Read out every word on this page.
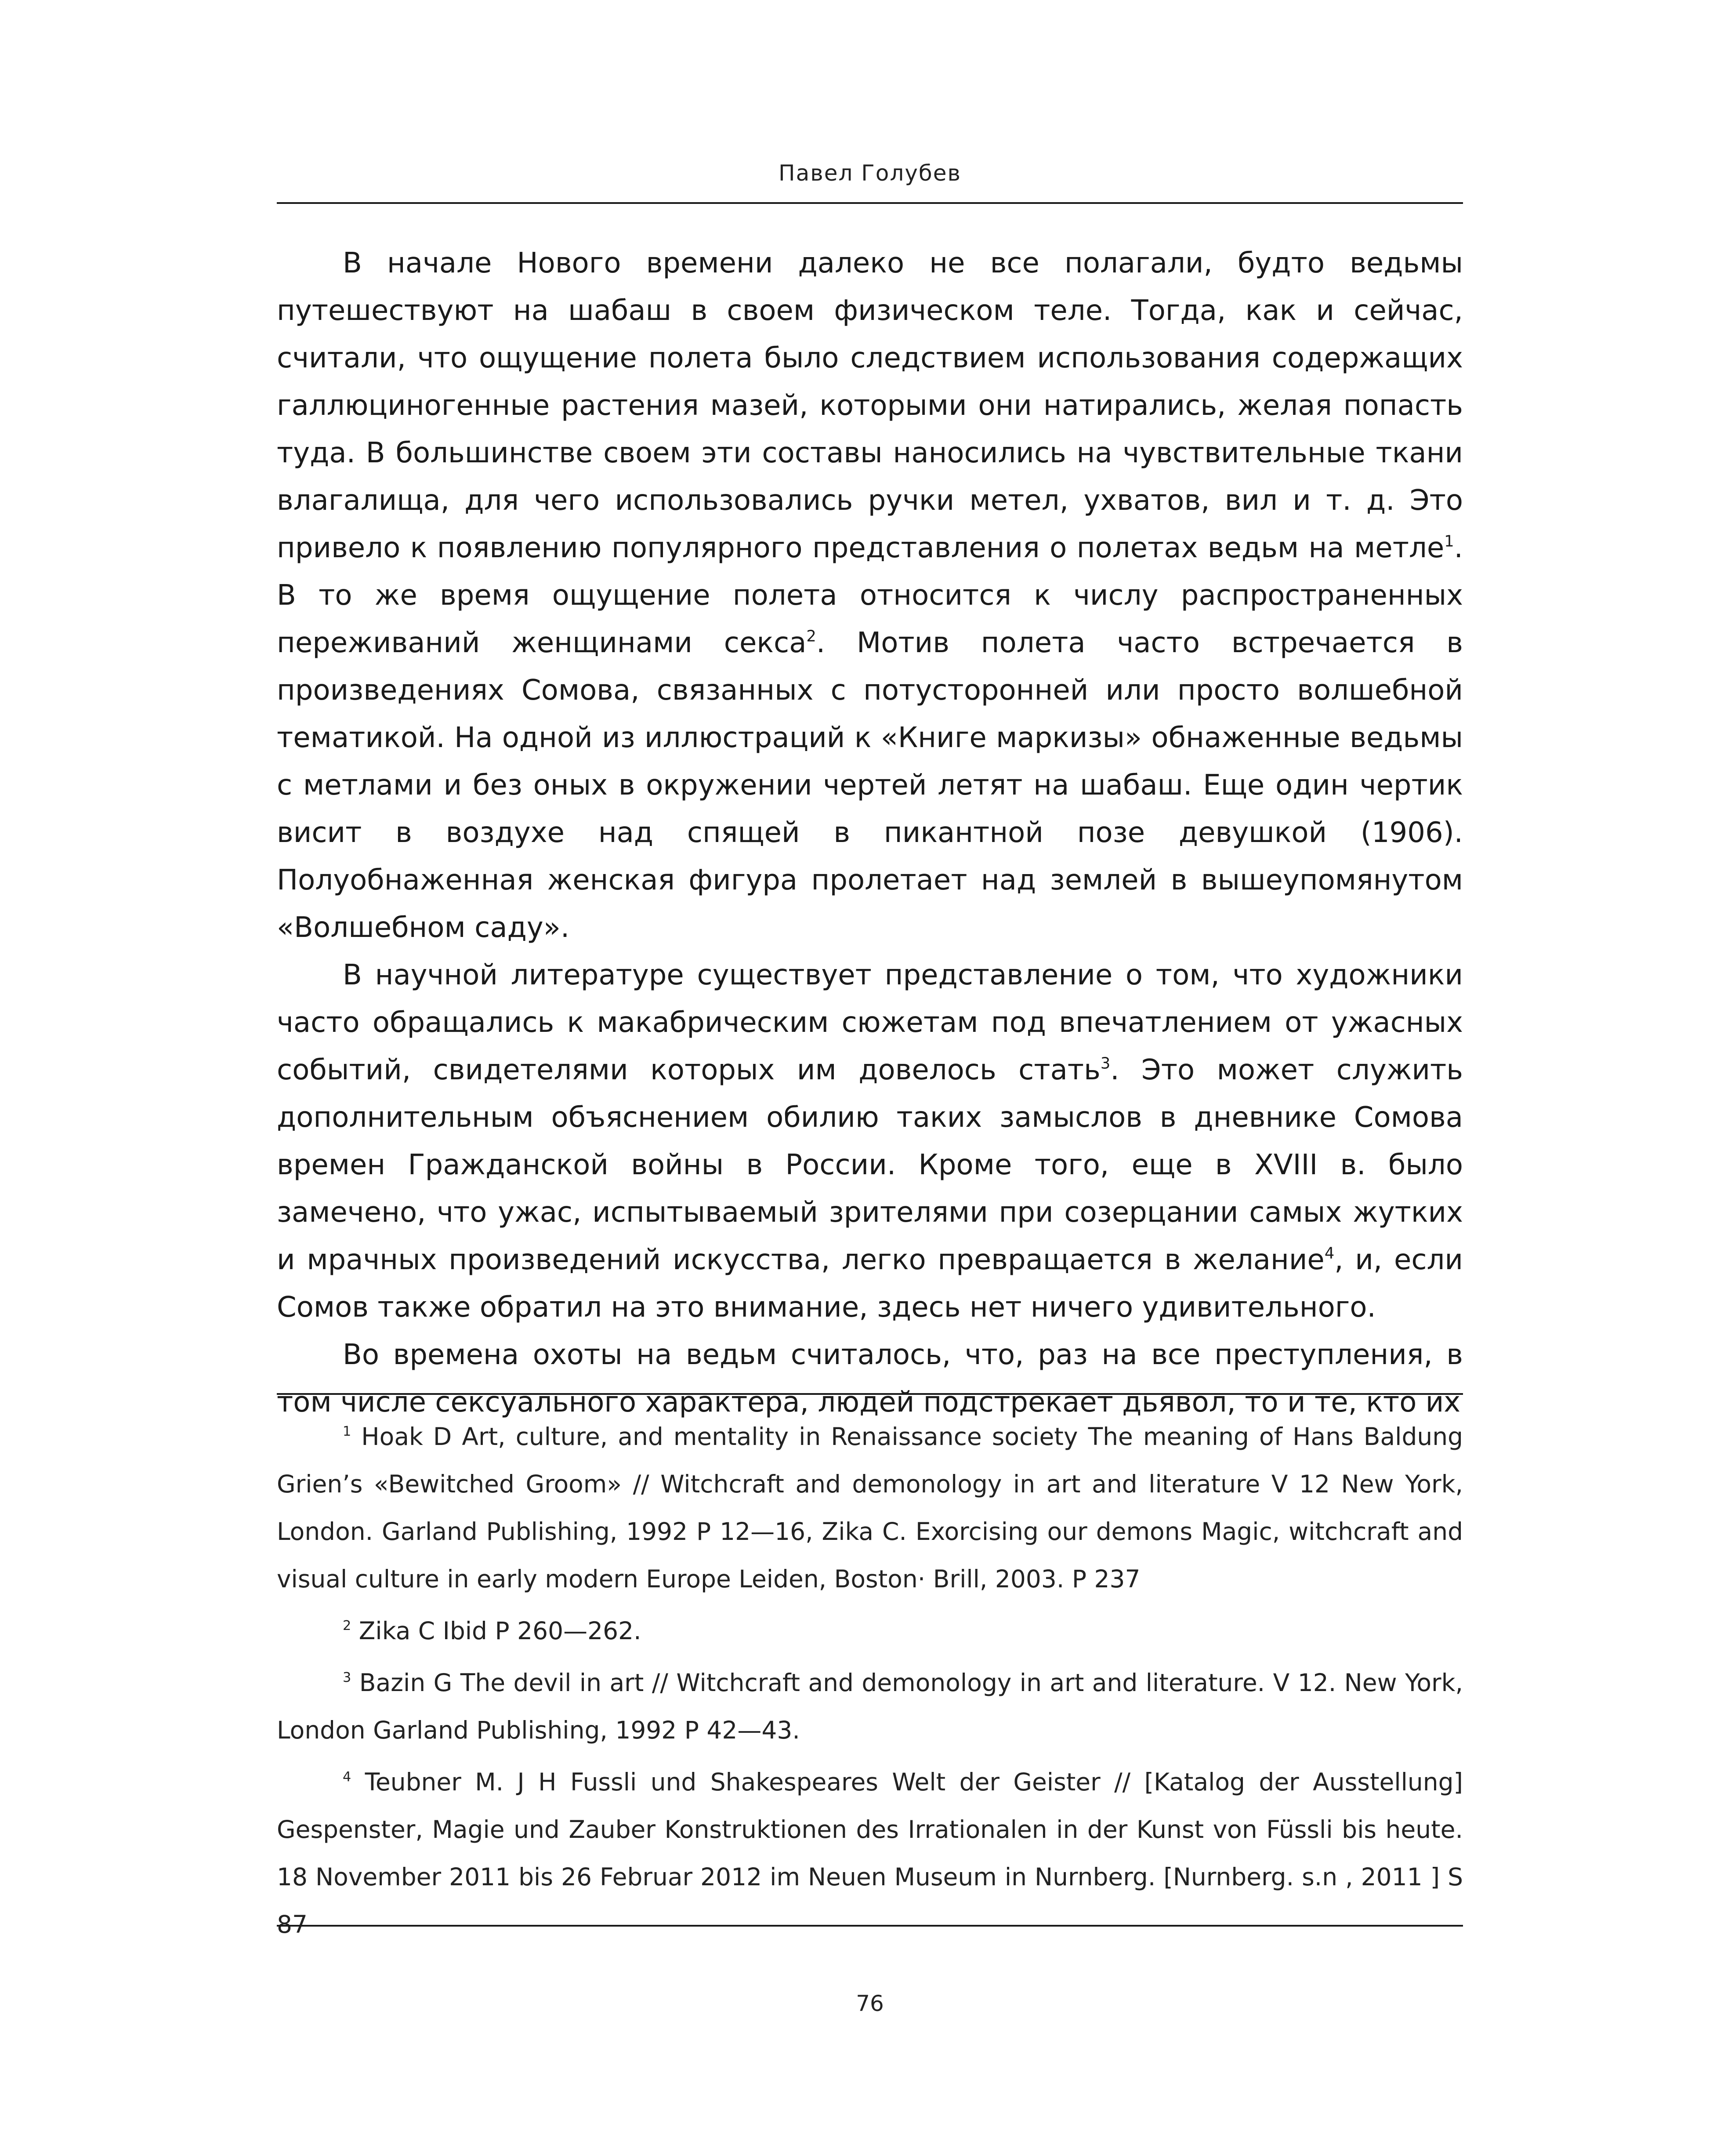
Павел Голубев

В начале Нового времени далеко не все полагали, будто ведьмы путешествуют на шабаш в своем физическом теле. Тогда, как и сейчас, считали, что ощущение полета было следствием использования содержащих галлюциногенные растения мазей, которыми они натирались, желая попасть туда. В большинстве своем эти составы наносились на чувствительные ткани влагалища, для чего использовались ручки метел, ухватов, вил и т. д. Это привело к появлению популярного представления о полетах ведьм на метле$^1$. В то же время ощущение полета относится к числу распространенных переживаний женщинами секса$^2$. Мотив полета часто встречается в произведениях Сомова, связанных с потусторонней или просто волшебной тематикой. На одной из иллюстраций к «Книге маркизы» обнаженные ведьмы с метлами и без оных в окружении чертей летят на шабаш. Еще один чертик висит в воздухе над спящей в пикантной позе девушкой (1906). Полуобнаженная женская фигура пролетает над землей в вышеупомянутом «Волшебном саду».

В научной литературе существует представление о том, что художники часто обращались к макабрическим сюжетам под впечатлением от ужасных событий, свидетелями которых им довелось стать$^3$. Это может служить дополнительным объяснением обилию таких замыслов в дневнике Сомова времен Гражданской войны в России. Кроме того, еще в XVIII в. было замечено, что ужас, испытываемый зрителями при созерцании самых жутких и мрачных произведений искусства, легко превращается в желание$^4$, и, если Сомов также обратил на это внимание, здесь нет ничего удивительного.

Во времена охоты на ведьм считалось, что, раз на все преступления, в том числе сексуального характера, людей подстрекает дьявол, то и те, кто их

$^1$ Hoak D Art, culture, and mentality in Renaissance society The meaning of Hans Baldung Grien’s «Bewitched Groom» // Witchcraft and demonology in art and literature V 12 New York, London. Garland Publishing, 1992 P 12—16, Zika C. Exorcising our demons Magic, witchcraft and visual culture in early modern Europe Leiden, Boston· Brill, 2003. P 237

$^2$ Zika C Ibid P 260—262.

$^3$ Bazin G The devil in art // Witchcraft and demonology in art and literature. V 12. New York, London Garland Publishing, 1992 P 42—43.

$^4$ Teubner M. J H Fussli und Shakespeares Welt der Geister // [Katalog der Ausstellung] Gespenster, Magie und Zauber Konstruktionen des Irrationalen in der Kunst von Füssli bis heute. 18 November 2011 bis 26 Februar 2012 im Neuen Museum in Nurnberg. [Nurnberg. s.n , 2011 ] S 87

76
